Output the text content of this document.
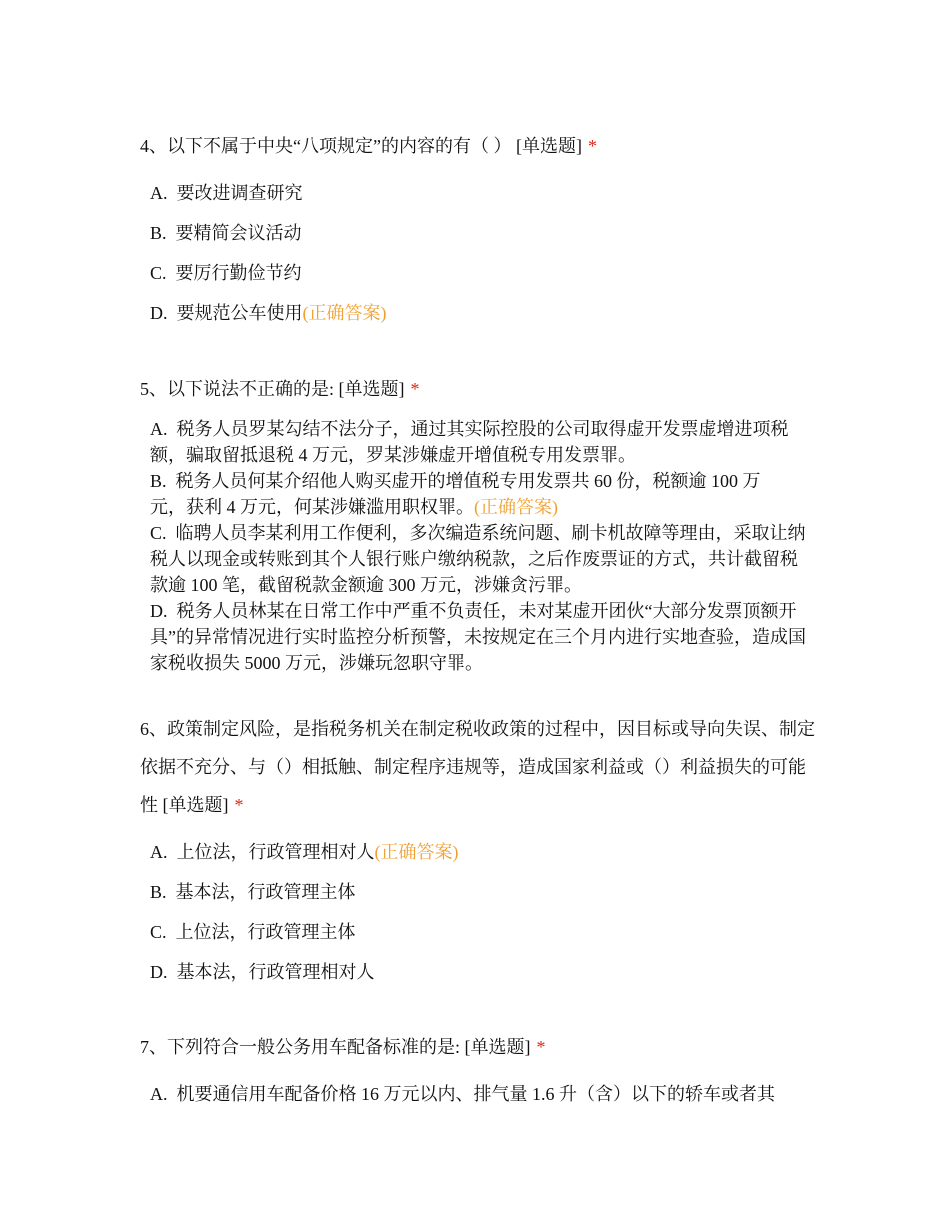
4、以下不属于中央“八项规定”的内容的有（ ） [单选题] *

A. 要改进调查研究
B. 要精简会议活动
C. 要厉行勤俭节约
D. 要规范公车使用(正确答案)

5、以下说法不正确的是: [单选题] *

A. 税务人员罗某勾结不法分子，通过其实际控股的公司取得虚开发票虚增进项税额，骗取留抵退税 4 万元，罗某涉嫌虚开增值税专用发票罪。
B. 税务人员何某介绍他人购买虚开的增值税专用发票共 60 份，税额逾 100 万元，获利 4 万元，何某涉嫌滥用职权罪。(正确答案)
C. 临聘人员李某利用工作便利，多次编造系统问题、刷卡机故障等理由，采取让纳税人以现金或转账到其个人银行账户缴纳税款，之后作废票证的方式，共计截留税款逾 100 笔，截留税款金额逾 300 万元，涉嫌贪污罪。
D. 税务人员林某在日常工作中严重不负责任，未对某虚开团伙“大部分发票顶额开具”的异常情况进行实时监控分析预警，未按规定在三个月内进行实地查验，造成国家税收损失 5000 万元，涉嫌玩忽职守罪。

6、政策制定风险，是指税务机关在制定税收政策的过程中，因目标或导向失误、制定依据不充分、与（）相抵触、制定程序违规等，造成国家利益或（）利益损失的可能性 [单选题] *

A. 上位法，行政管理相对人(正确答案)
B. 基本法，行政管理主体
C. 上位法，行政管理主体
D. 基本法，行政管理相对人

7、下列符合一般公务用车配备标准的是: [单选题] *

A. 机要通信用车配备价格 16 万元以内、排气量 1.6 升（含）以下的轿车或者其
